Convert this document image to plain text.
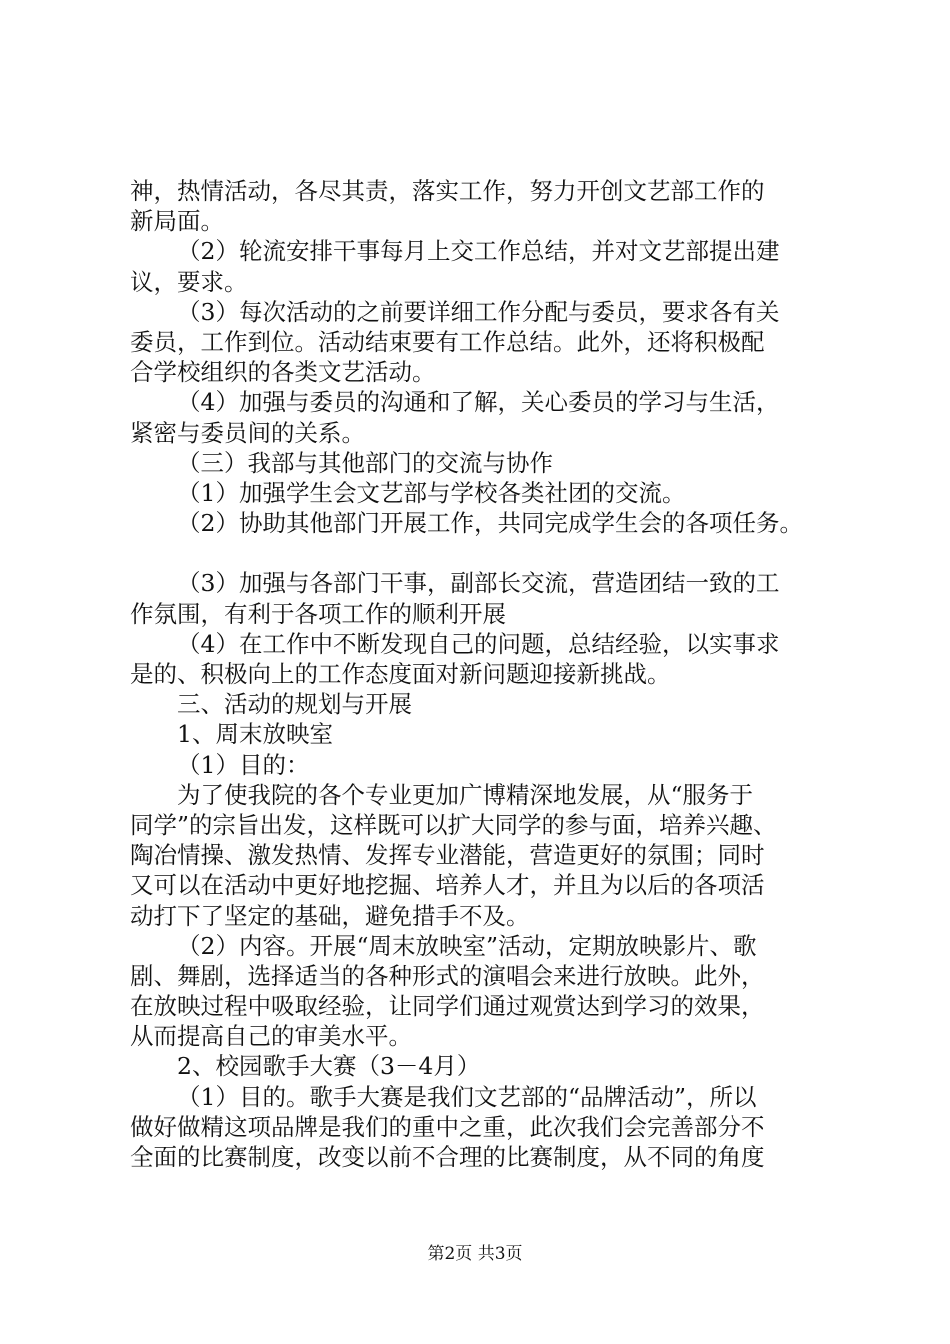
神，热情活动，各尽其责，落实工作，努力开创文艺部工作的
新局面。
（2）轮流安排干事每月上交工作总结，并对文艺部提出建
议，要求。
（3）每次活动的之前要详细工作分配与委员，要求各有关
委员，工作到位。活动结束要有工作总结。此外，还将积极配
合学校组织的各类文艺活动。
（4）加强与委员的沟通和了解，关心委员的学习与生活，
紧密与委员间的关系。
（三）我部与其他部门的交流与协作
（1）加强学生会文艺部与学校各类社团的交流。
（2）协助其他部门开展工作，共同完成学生会的各项任务。
（3）加强与各部门干事，副部长交流，营造团结一致的工
作氛围，有利于各项工作的顺利开展
（4）在工作中不断发现自己的问题，总结经验，以实事求
是的、积极向上的工作态度面对新问题迎接新挑战。
三、活动的规划与开展
1、周末放映室
（1）目的：
为了使我院的各个专业更加广博精深地发展，从“服务于
同学”的宗旨出发，这样既可以扩大同学的参与面，培养兴趣、
陶冶情操、激发热情、发挥专业潜能，营造更好的氛围；同时
又可以在活动中更好地挖掘、培养人才，并且为以后的各项活
动打下了坚定的基础，避免措手不及。
（2）内容。开展“周末放映室”活动，定期放映影片、歌
剧、舞剧，选择适当的各种形式的演唱会来进行放映。此外，
在放映过程中吸取经验，让同学们通过观赏达到学习的效果，
从而提高自己的审美水平。
2、校园歌手大赛（3－4月）
（1）目的。歌手大赛是我们文艺部的“品牌活动”，所以
做好做精这项品牌是我们的重中之重，此次我们会完善部分不
全面的比赛制度，改变以前不合理的比赛制度，从不同的角度
第2页 共3页
